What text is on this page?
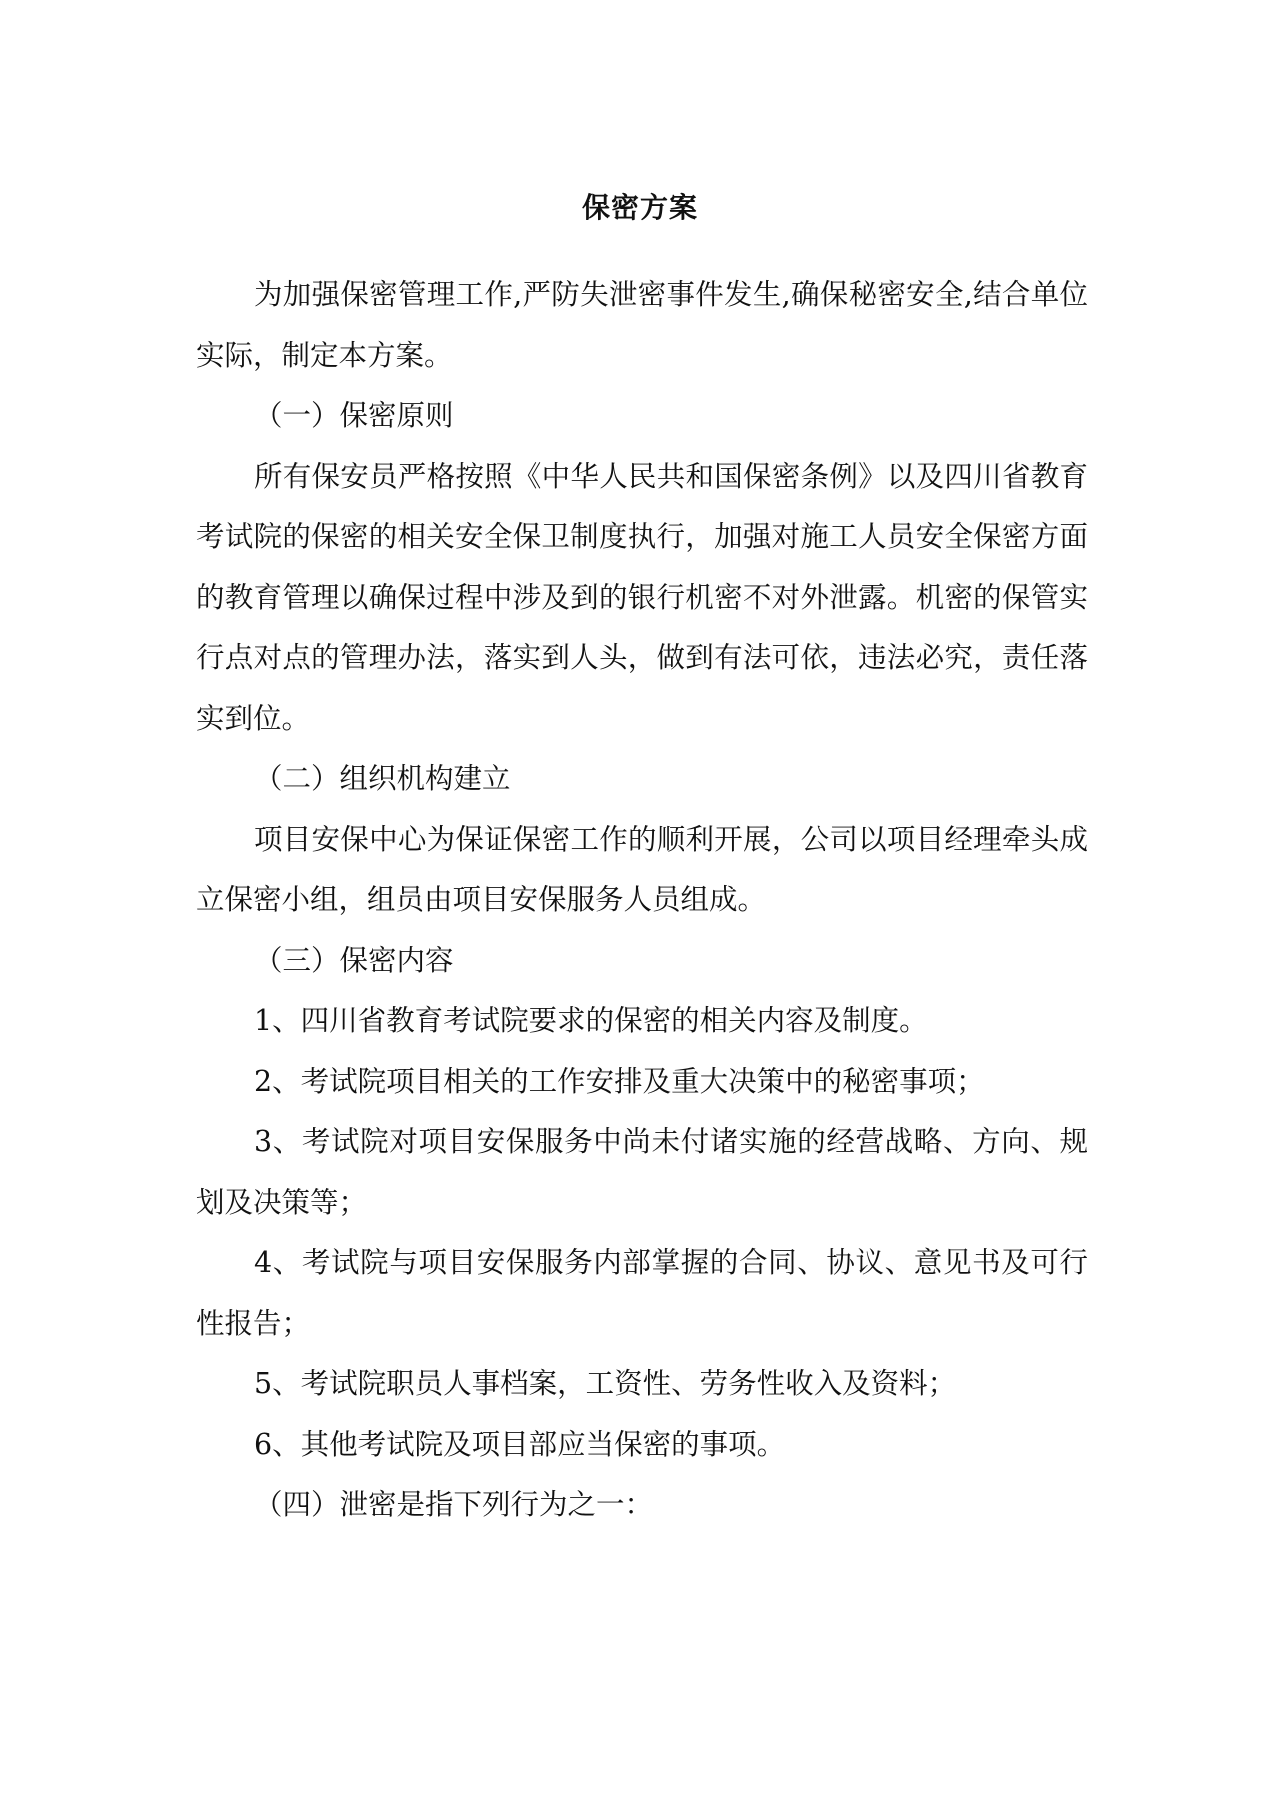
保密方案

为加强保密管理工作,严防失泄密事件发生,确保秘密安全,结合单位实际，制定本方案。

（一）保密原则

所有保安员严格按照《中华人民共和国保密条例》以及四川省教育考试院的保密的相关安全保卫制度执行，加强对施工人员安全保密方面的教育管理以确保过程中涉及到的银行机密不对外泄露。机密的保管实行点对点的管理办法，落实到人头，做到有法可依，违法必究，责任落实到位。

（二）组织机构建立

项目安保中心为保证保密工作的顺利开展，公司以项目经理牵头成立保密小组，组员由项目安保服务人员组成。

（三）保密内容

1、四川省教育考试院要求的保密的相关内容及制度。

2、考试院项目相关的工作安排及重大决策中的秘密事项；

3、考试院对项目安保服务中尚未付诸实施的经营战略、方向、规划及决策等；

4、考试院与项目安保服务内部掌握的合同、协议、意见书及可行性报告；

5、考试院职员人事档案，工资性、劳务性收入及资料；

6、其他考试院及项目部应当保密的事项。

（四）泄密是指下列行为之一：
